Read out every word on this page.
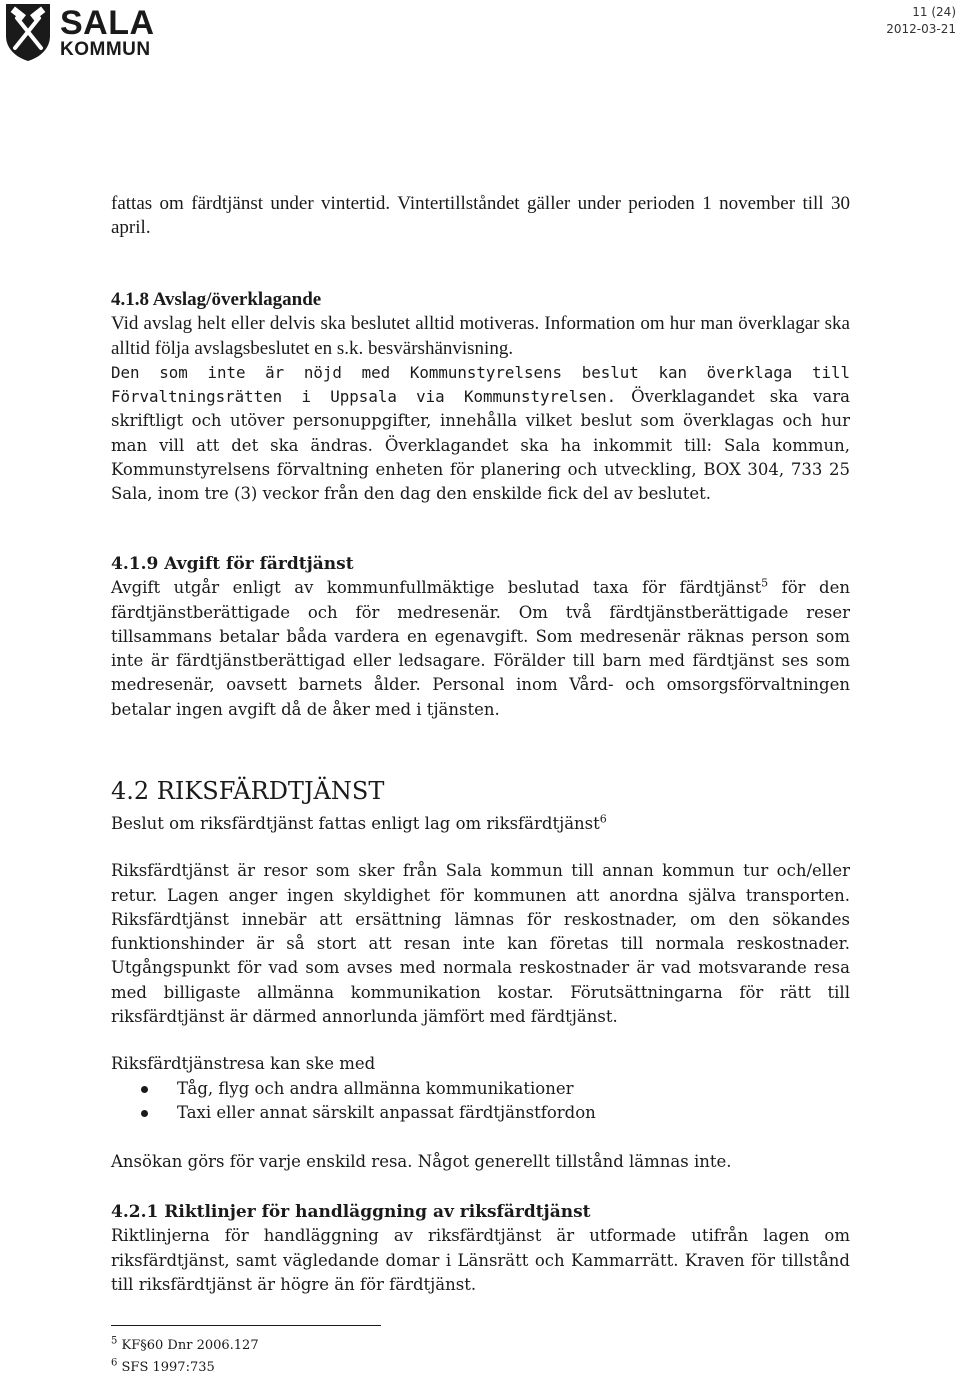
SALA
KOMMUN
11 (24)
2012-03-21

fattas om färdtjänst under vintertid. Vintertillståndet gäller under perioden 1 november till 30 april.

4.1.8 Avslag/överklagande

Vid avslag helt eller delvis ska beslutet alltid motiveras. Information om hur man överklagar ska alltid följa avslagsbeslutet en s.k. besvärshänvisning.

Den som inte är nöjd med Kommunstyrelsens beslut kan överklaga till Förvaltningsrätten i Uppsala via Kommunstyrelsen. Överklagandet ska vara skriftligt och utöver personuppgifter, innehålla vilket beslut som överklagas och hur man vill att det ska ändras. Överklagandet ska ha inkommit till: Sala kommun, Kommunstyrelsens förvaltning enheten för planering och utveckling, BOX 304, 733 25 Sala, inom tre (3) veckor från den dag den enskilde fick del av beslutet.

4.1.9 Avgift för färdtjänst

Avgift utgår enligt av kommunfullmäktige beslutad taxa för färdtjänst$^5$ för den färdtjänstberättigade och för medresenär. Om två färdtjänstberättigade reser tillsammans betalar båda vardera en egenavgift. Som medresenär räknas person som inte är färdtjänstberättigad eller ledsagare. Förälder till barn med färdtjänst ses som medresenär, oavsett barnets ålder. Personal inom Vård- och omsorgsförvaltningen betalar ingen avgift då de åker med i tjänsten.

4.2 RIKSFÄRDTJÄNST

Beslut om riksfärdtjänst fattas enligt lag om riksfärdtjänst$^6$

Riksfärdtjänst är resor som sker från Sala kommun till annan kommun tur och/eller retur. Lagen anger ingen skyldighet för kommunen att anordna själva transporten. Riksfärdtjänst innebär att ersättning lämnas för reskostnader, om den sökandes funktionshinder är så stort att resan inte kan företas till normala reskostnader. Utgångspunkt för vad som avses med normala reskostnader är vad motsvarande resa med billigaste allmänna kommunikation kostar. Förutsättningarna för rätt till riksfärdtjänst är därmed annorlunda jämfört med färdtjänst.

Riksfärdtjänstresa kan ske med

Tåg, flyg och andra allmänna kommunikationer
Taxi eller annat särskilt anpassat färdtjänstfordon

Ansökan görs för varje enskild resa. Något generellt tillstånd lämnas inte.

4.2.1 Riktlinjer för handläggning av riksfärdtjänst

Riktlinjerna för handläggning av riksfärdtjänst är utformade utifrån lagen om riksfärdtjänst, samt vägledande domar i Länsrätt och Kammarrätt. Kraven för tillstånd till riksfärdtjänst är högre än för färdtjänst.

$^5$ KF§60 Dnr 2006.127
$^6$ SFS 1997:735
